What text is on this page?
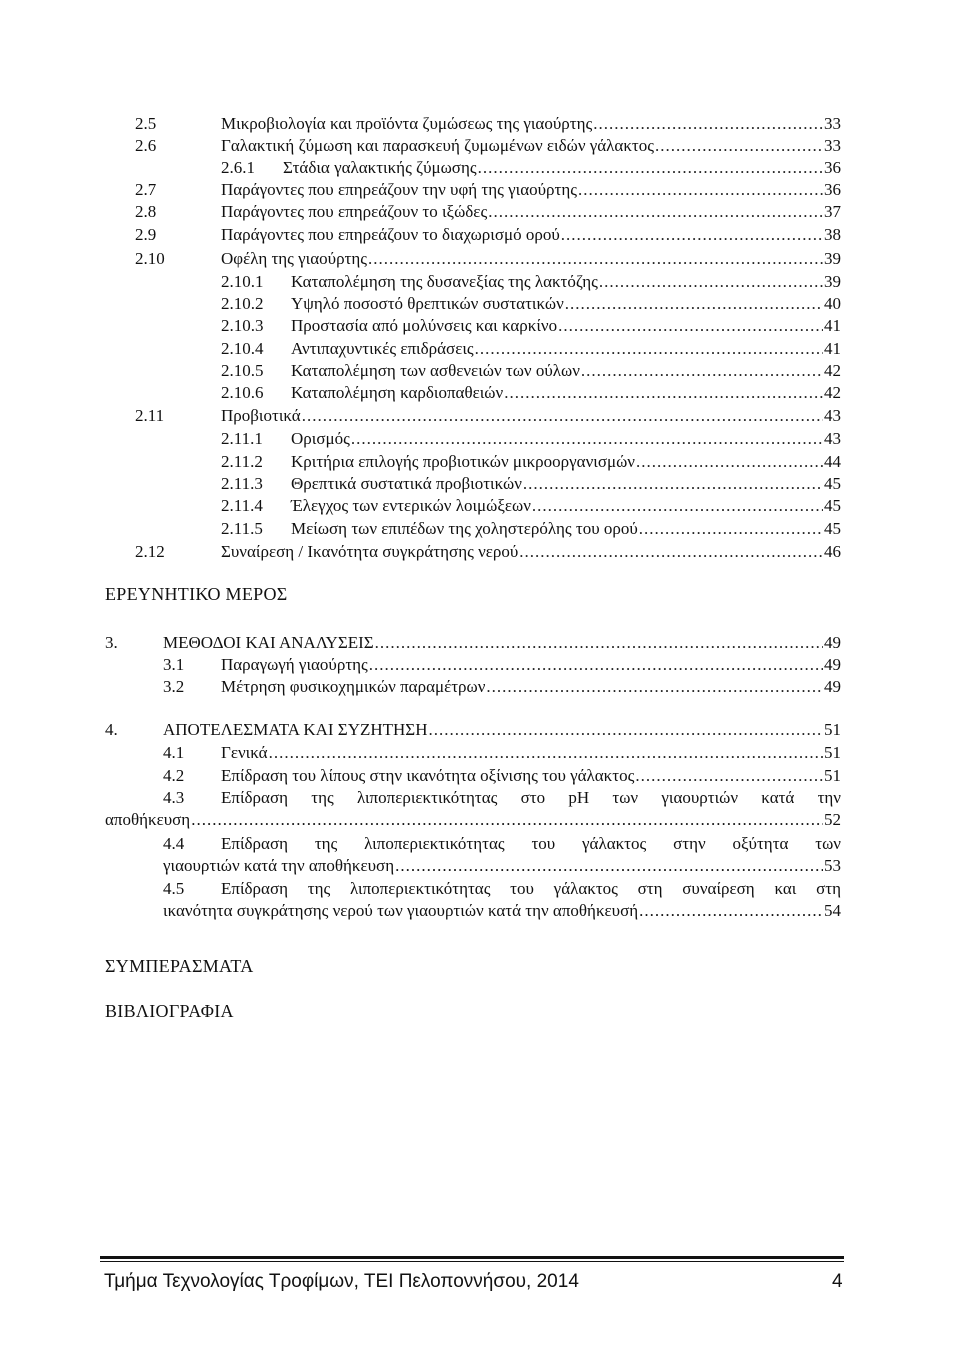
2.5	Μικροβιολογία και προϊόντα ζυμώσεως της γιαούρτης .....	33
2.6	Γαλακτική ζύμωση και παρασκευή ζυμωμένων ειδών γάλακτος .....	33
2.6.1	Στάδια γαλακτικής ζύμωσης .....	36
2.7	Παράγοντες που επηρεάζουν την υφή της γιαούρτης .....	36
2.8	Παράγοντες που επηρεάζουν το ιξώδες .....	37
2.9	Παράγοντες που επηρεάζουν το διαχωρισμό ορού .....	38
2.10	Οφέλη της γιαούρτης .....	39
2.10.1	Καταπολέμηση της δυσανεξίας της λακτόζης .....	39
2.10.2	Υψηλό ποσοστό θρεπτικών συστατικών .....	40
2.10.3	Προστασία από μολύνσεις και καρκίνο .....	41
2.10.4	Αντιπαχυντικές επιδράσεις .....	41
2.10.5	Καταπολέμηση των ασθενειών των ούλων .....	42
2.10.6	Καταπολέμηση καρδιοπαθειών .....	42
2.11	Προβιοτικά .....	43
2.11.1	Ορισμός .....	43
2.11.2	Κριτήρια επιλογής προβιοτικών μικροοργανισμών .....	44
2.11.3	Θρεπτικά συστατικά προβιοτικών .....	45
2.11.4	Έλεγχος των εντερικών λοιμώξεων .....	45
2.11.5	Μείωση των επιπέδων της χοληστερόλης του ορού .....	45
2.12	Συναίρεση / Ικανότητα συγκράτησης νερού .....	46
ΕΡΕΥΝΗΤΙΚΟ ΜΕΡΟΣ
3.	ΜΕΘΟΔΟΙ ΚΑΙ ΑΝΑΛΥΣΕΙΣ .....	49
3.1	Παραγωγή γιαούρτης .....	49
3.2	Μέτρηση φυσικοχημικών παραμέτρων .....	49
4.	ΑΠΟΤΕΛΕΣΜΑΤΑ ΚΑΙ ΣΥΖΗΤΗΣΗ .....	51
4.1	Γενικά .....	51
4.2	Επίδραση του λίπους στην ικανότητα οξίνισης του γάλακτος .....	51
4.3	Επίδραση της λιποπεριεκτικότητας στο pH των γιαουρτιών κατά την
αποθήκευση .....	52
4.4	Επίδραση της λιποπεριεκτικότητας του γάλακτος στην οξύτητα των
γιαουρτιών κατά την αποθήκευση .....	53
4.5	Επίδραση της λιποπεριεκτικότητας του γάλακτος στη συναίρεση και στη
ικανότητα συγκράτησης νερού των γιαουρτιών κατά την αποθήκευσή .....	54
ΣΥΜΠΕΡΑΣΜΑΤΑ
ΒΙΒΛΙΟΓΡΑΦΙΑ
Τμήμα Τεχνολογίας Τροφίμων, ΤΕΙ Πελοποννήσου, 2014	4
